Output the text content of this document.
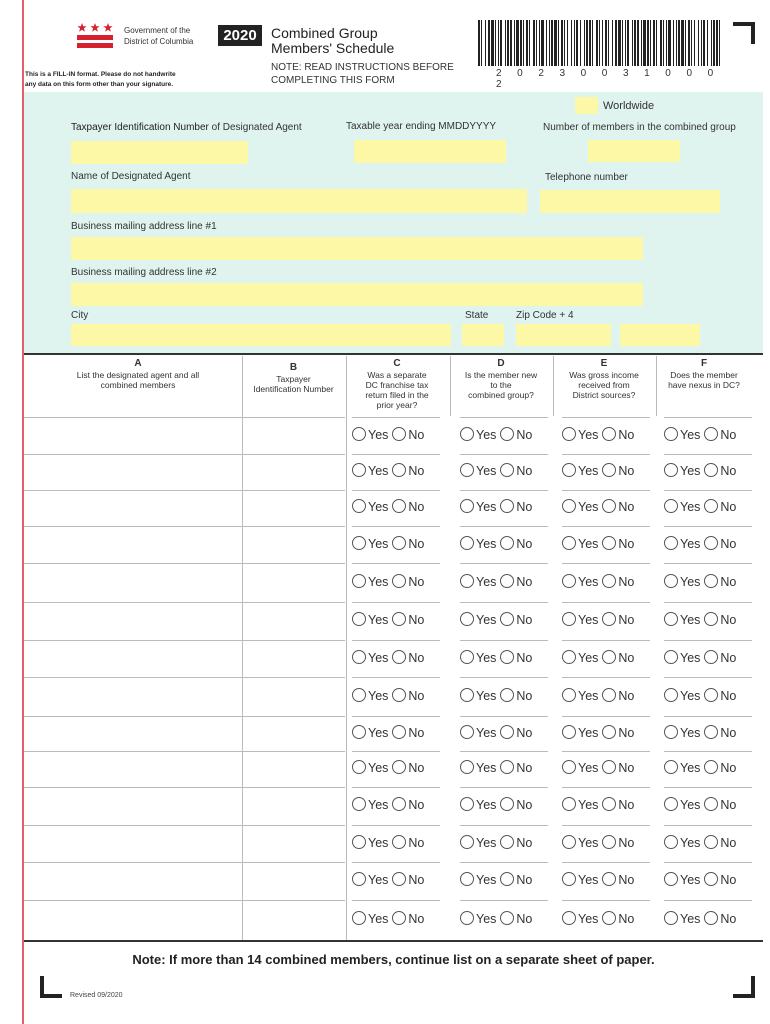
Government of the
District of Columbia	2020	Combined Group
Members' Schedule
NOTE: READ INSTRUCTIONS BEFORE
COMPLETING THIS FORM
This is a FILL-IN format. Please do not handwrite
any data on this form other than your signature.
20230031000 2
Worldwide
Taxpayer Identification Number of Designated Agent	Taxable year ending MMDDYYYY	Number of members in the combined group
Name of Designated Agent	Telephone number
Business mailing address line #1
Business mailing address line #2
City	State	Zip Code + 4
A
List the designated agent and all
combined members
B
Taxpayer
Identification Number
C
Was a separate
DC franchise tax
return filed in the
prior year?
D
Is the member new
to the
combined group?
E
Was gross income
received from
District sources?
F
Does the member
have nexus in DC?
Yes No	Yes No	Yes No	Yes No
Yes No	Yes No	Yes No	Yes No
Yes No	Yes No	Yes No	Yes No
Yes No	Yes No	Yes No	Yes No
Yes No	Yes No	Yes No	Yes No
Yes No	Yes No	Yes No	Yes No
Yes No	Yes No	Yes No	Yes No
Yes No	Yes No	Yes No	Yes No
Yes No	Yes No	Yes No	Yes No
Yes No	Yes No	Yes No	Yes No
Yes No	Yes No	Yes No	Yes No
Yes No	Yes No	Yes No	Yes No
Yes No	Yes No	Yes No	Yes No
Yes No	Yes No	Yes No	Yes No
Note: If more than 14 combined members, continue list on a separate sheet of paper.
Revised 09/2020
